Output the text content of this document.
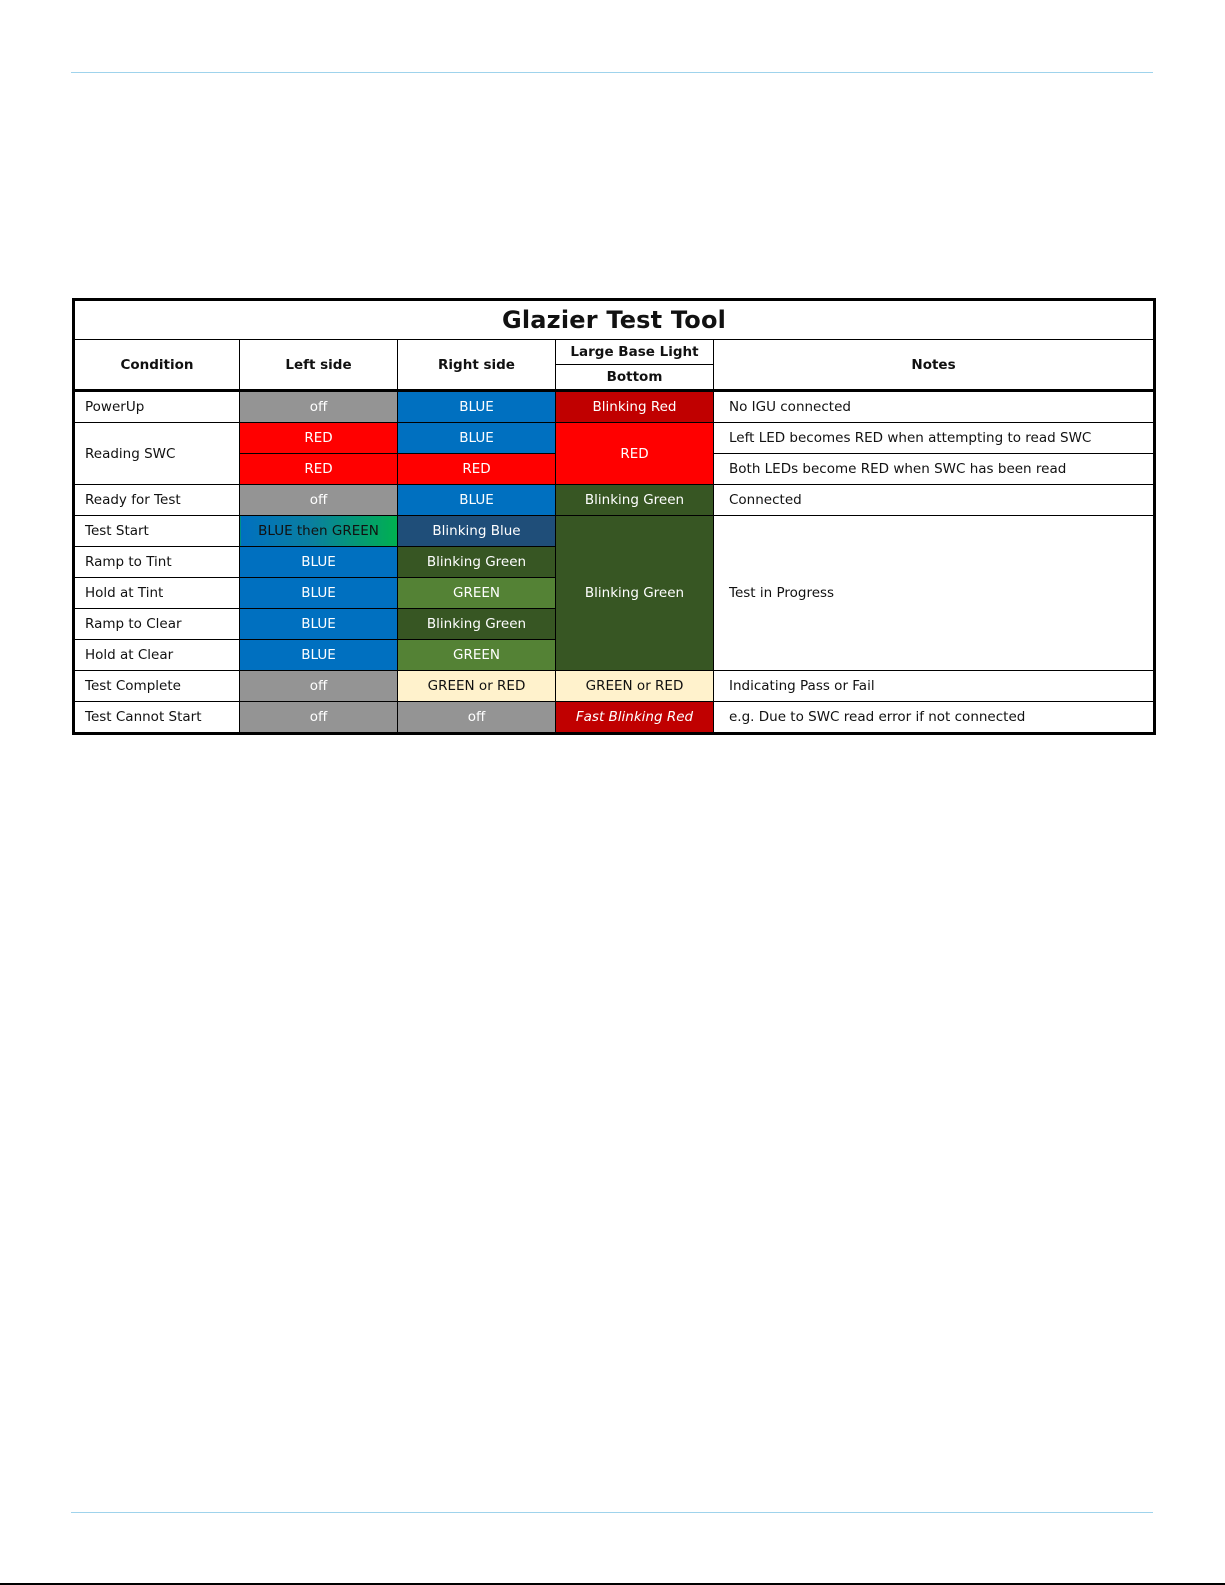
Glazier Test Tool				
Condition	Left side	Right side	Large Base Light	Notes
			Bottom	
PowerUp	off	BLUE	Blinking Red	No IGU connected
Reading SWC	RED	BLUE	RED	Left LED becomes RED when attempting to read SWC
	RED	RED		Both LEDs become RED when SWC has been read
Ready for Test	off	BLUE	Blinking Green	Connected
Test Start	BLUE then GREEN	Blinking Blue	Blinking Green	Test in Progress
Ramp to Tint	BLUE	Blinking Green		
Hold at Tint	BLUE	GREEN		
Ramp to Clear	BLUE	Blinking Green		
Hold at Clear	BLUE	GREEN		
Test Complete	off	GREEN or RED	GREEN or RED	Indicating Pass or Fail
Test Cannot Start	off	off	Fast Blinking Red	e.g. Due to SWC read error if not connected
